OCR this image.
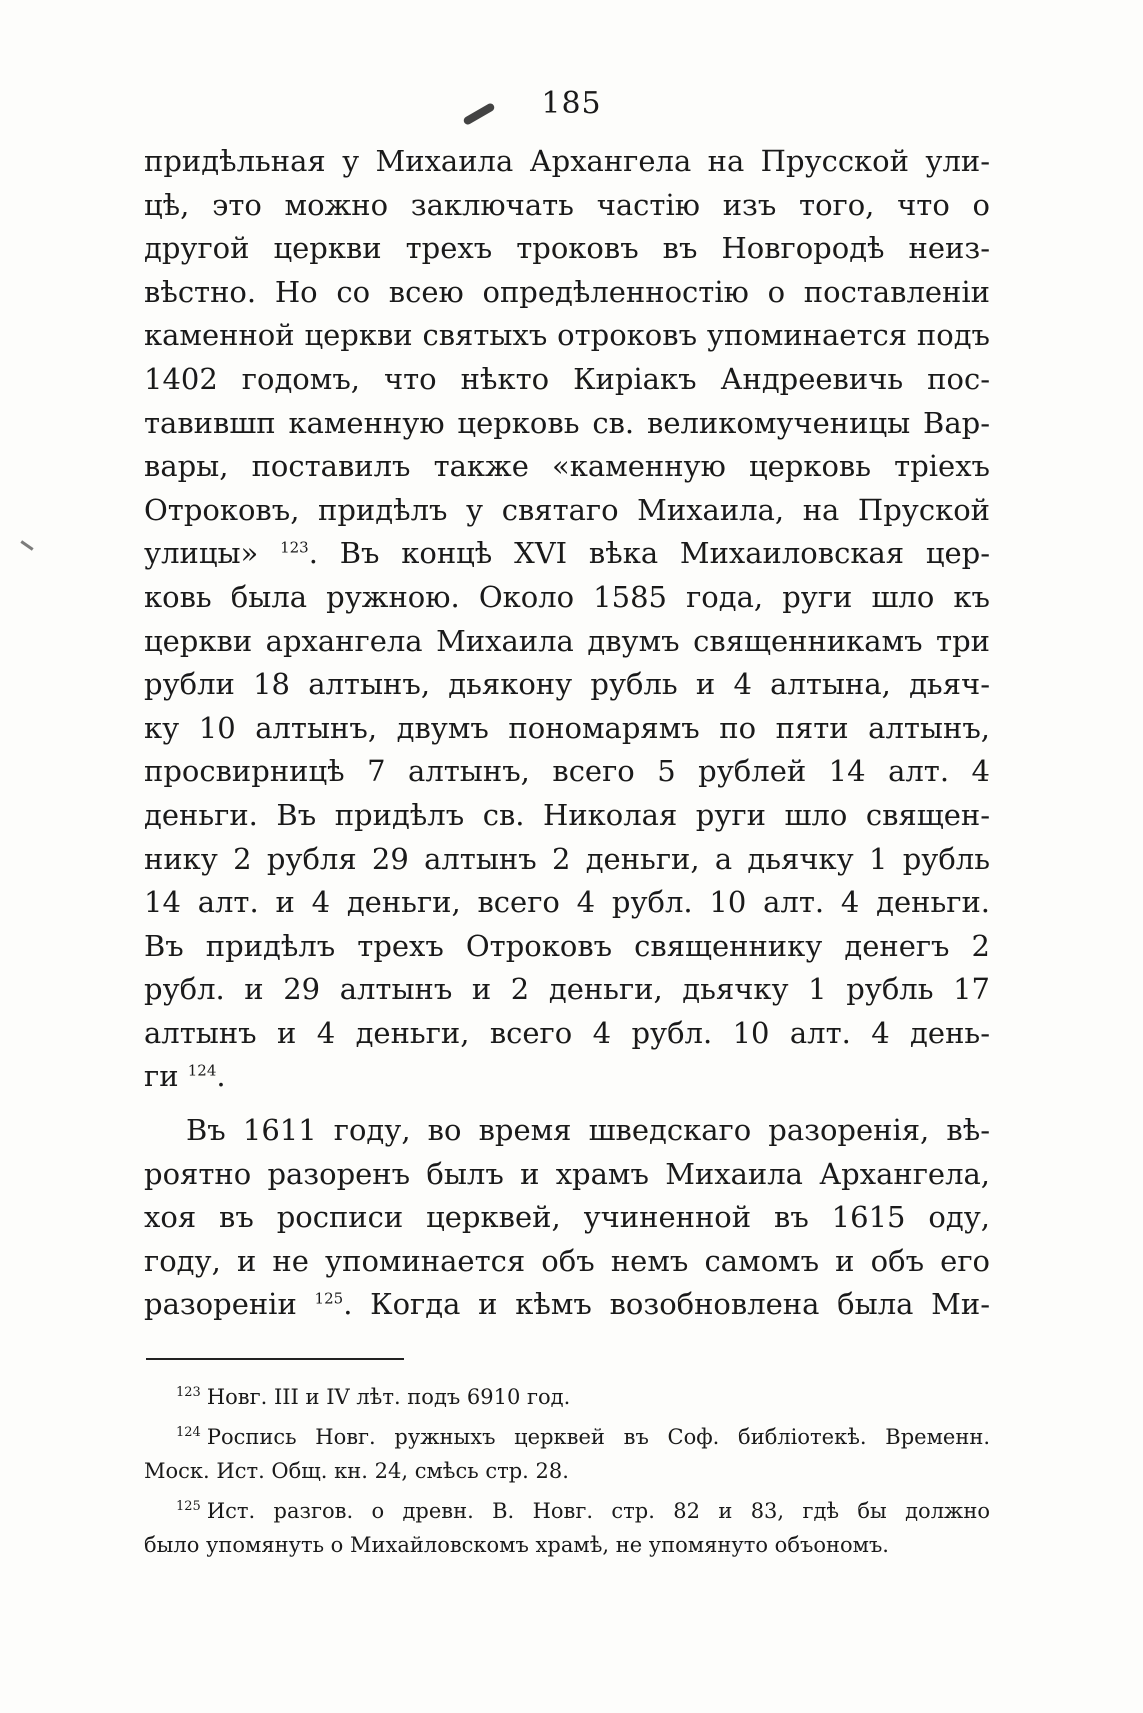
185
придѣльная у Михаила Архангела на Прусской ули-
цѣ, это можно заключать частію изъ того, что о
другой церкви трехъ троковъ въ Новгородѣ неиз-
вѣстно. Но со всею опредѣленностію о поставленіи
каменной церкви святыхъ отроковъ упоминается подъ
1402 годомъ, что нѣкто Киріакъ Андреевичь пос-
тавившп каменную церковь св. великомученицы Вар-
вары, поставилъ также «каменную церковь тріехъ
Отроковъ, придѣлъ у святаго Михаила, на Пруской
улицы» $^{123}$. Въ концѣ XVI вѣка Михаиловская цер-
ковь была ружною. Около 1585 года, руги шло къ
церкви архангела Михаила двумъ священникамъ три
рубли 18 алтынъ, дьякону рубль и 4 алтына, дьяч-
ку 10 алтынъ, двумъ пономарямъ по пяти алтынъ,
просвирницѣ 7 алтынъ, всего 5 рублей 14 алт. 4
деньги. Въ придѣлъ св. Николая руги шло священ-
нику 2 рубля 29 алтынъ 2 деньги, а дьячку 1 рубль
14 алт. и 4 деньги, всего 4 рубл. 10 алт. 4 деньги.
Въ придѣлъ трехъ Отроковъ священнику денегъ 2
рубл. и 29 алтынъ и 2 деньги, дьячку 1 рубль 17
алтынъ и 4 деньги, всего 4 рубл. 10 алт. 4 день-
ги $^{124}$.
Въ 1611 году, во время шведскаго разоренія, вѣ-
роятно разоренъ былъ и храмъ Михаила Архангела,
хоя въ росписи церквей, учиненной въ 1615 оду,
году, и не упоминается объ немъ самомъ и объ его
разореніи $^{125}$. Когда и кѣмъ возобновлена была Ми-
$^{123}$ Новг. III и IV лѣт. подъ 6910 год.
$^{124}$ Роспись Новг. ружныхъ церквей въ Соф. библіотекѣ. Временн.
Моск. Ист. Общ. кн. 24, смѣсь стр. 28.
$^{125}$ Ист. разгов. о древн. В. Новг. стр. 82 и 83, гдѣ бы должно
было упомянуть о Михайловскомъ храмѣ, не упомянуто объономъ.
